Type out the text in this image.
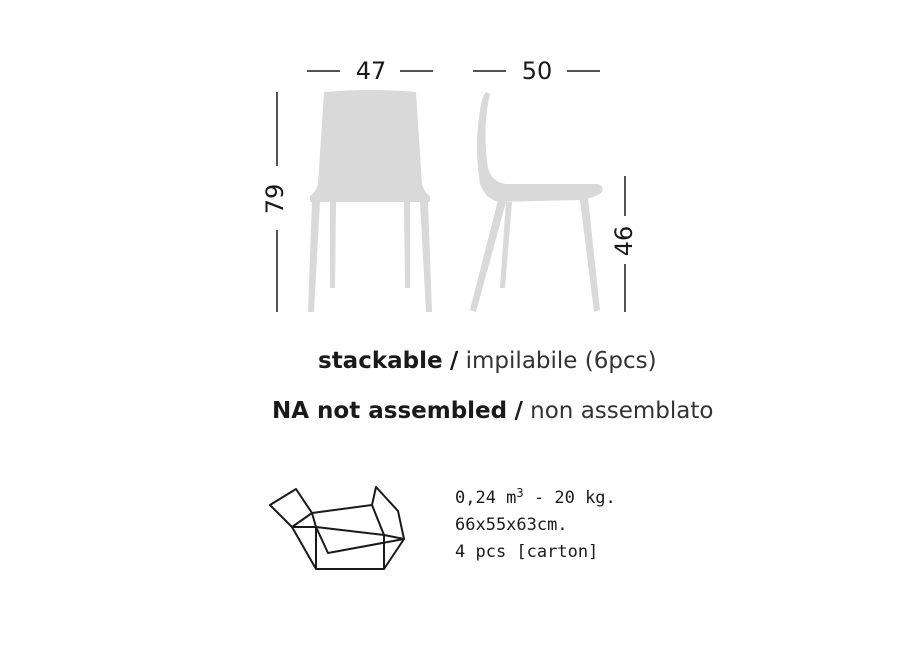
47	50
79
46
stackable / impilabile (6pcs)
NA not assembled / non assemblato
0,24 $m^3 - 20$ kg.
66x55x63cm.
4 pcs [carton]
